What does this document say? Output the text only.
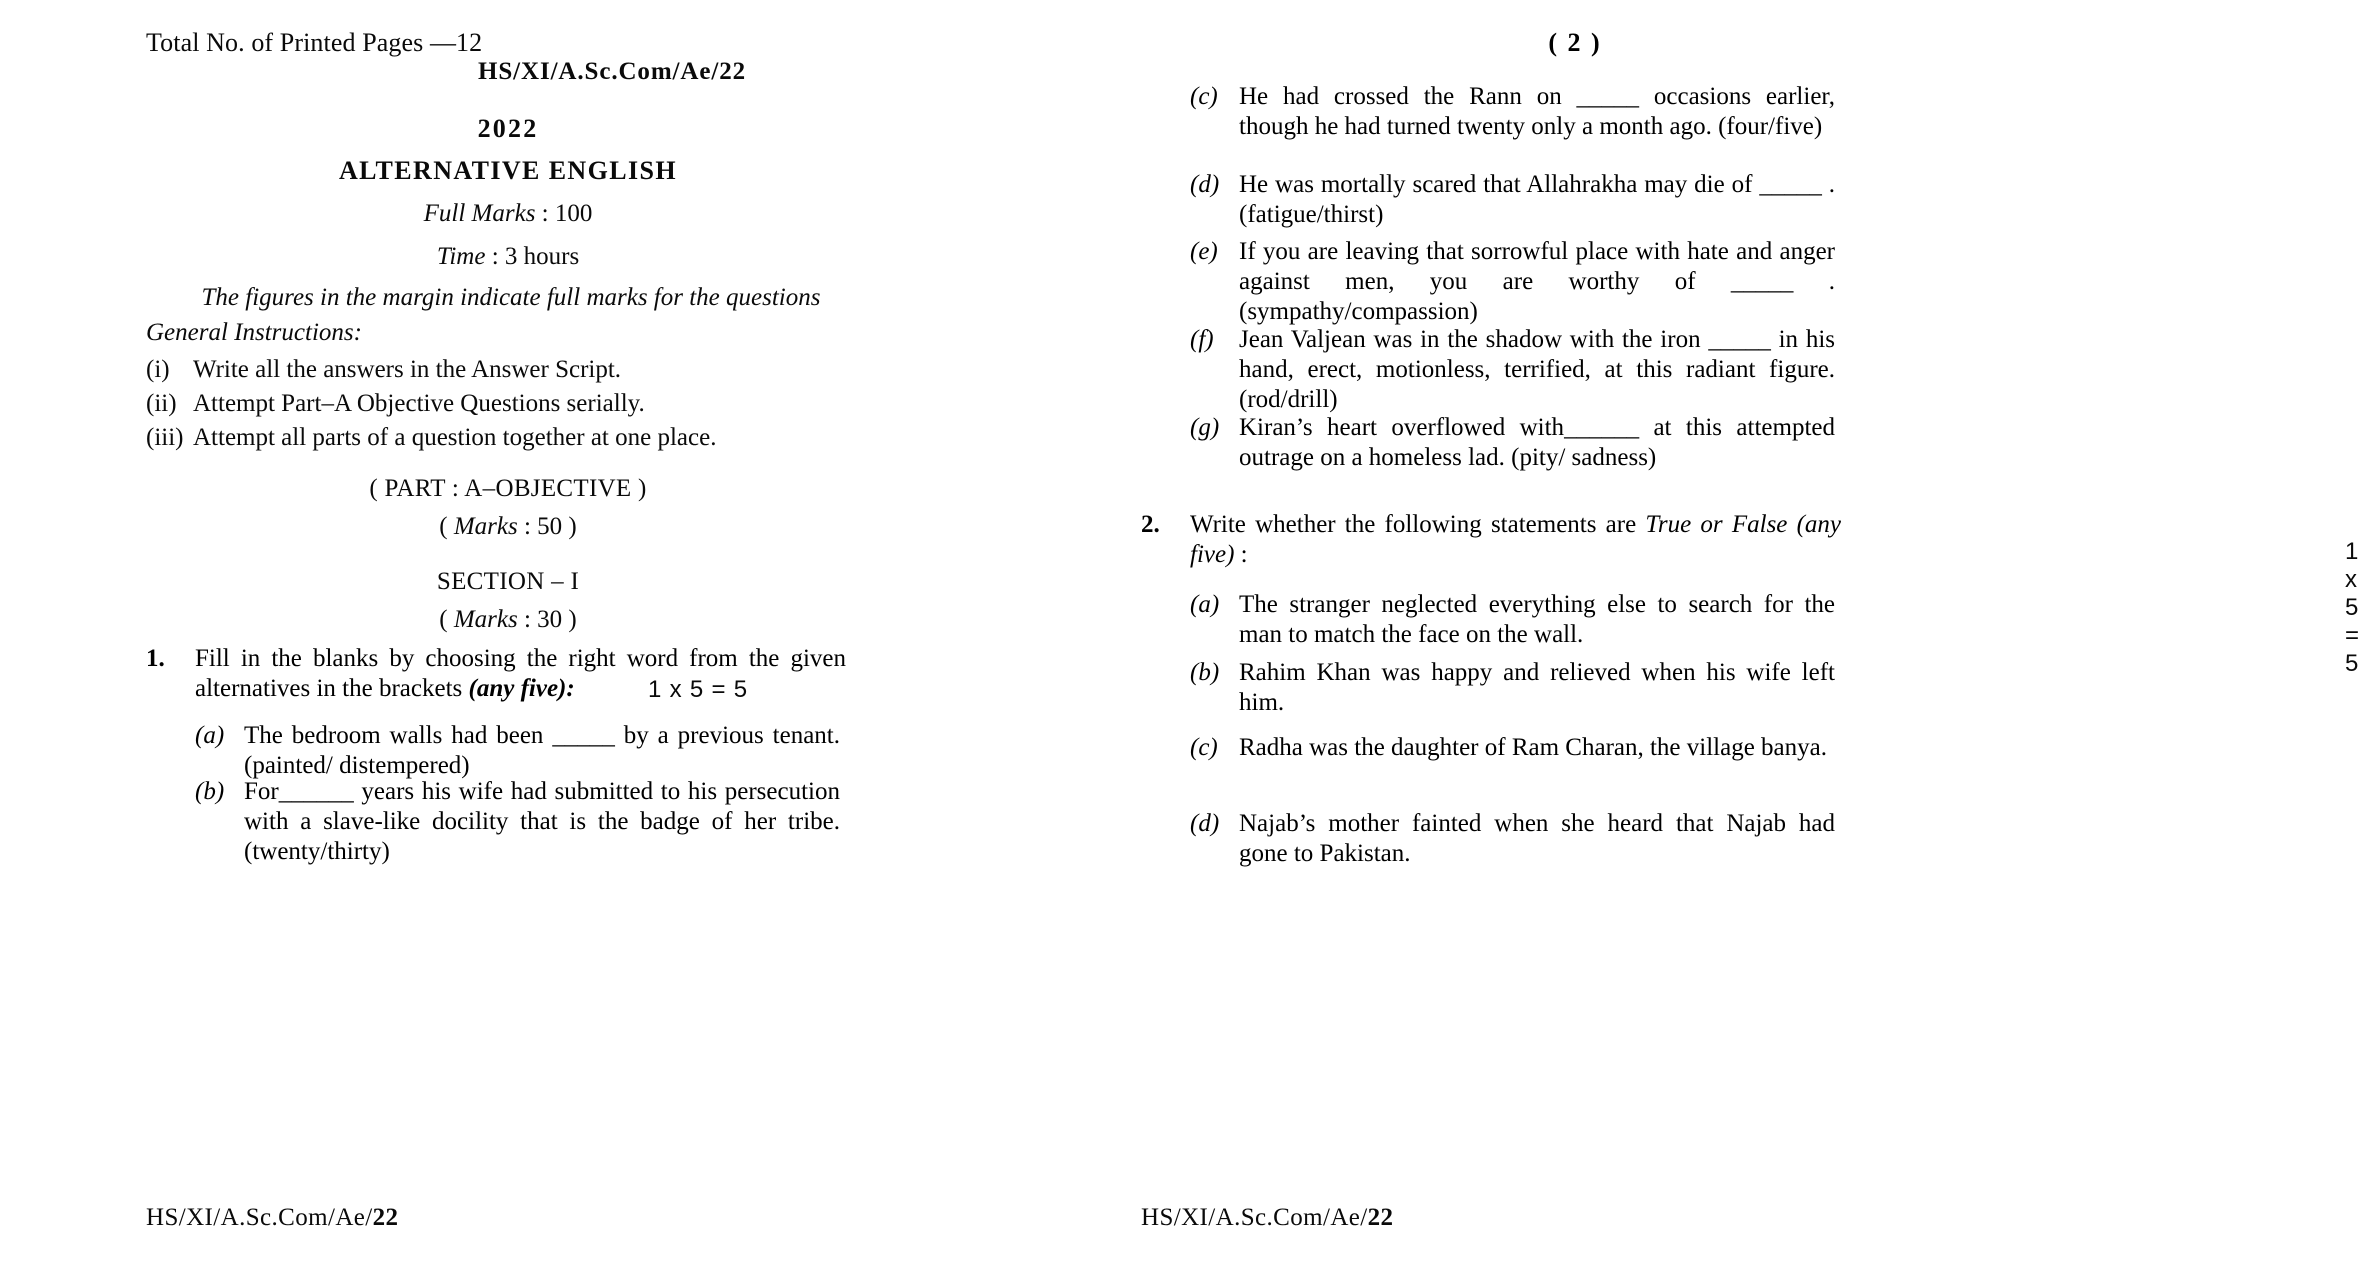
Total No. of Printed Pages —12
HS/XI/A.Sc.Com/Ae/22
2022
ALTERNATIVE ENGLISH
Full Marks : 100
Time : 3 hours
The figures in the margin indicate full marks for the questions
General Instructions:
(i) Write all the answers in the Answer Script.
(ii) Attempt Part–A Objective Questions serially.
(iii) Attempt all parts of a question together at one place.
( PART : A–OBJECTIVE )
( Marks : 50 )
SECTION – I
( Marks : 30 )
1.	Fill in the blanks by choosing the right word from the given alternatives in the brackets (any five):	1 x 5 = 5
(a) The bedroom walls had been _____ by a previous tenant. (painted/ distempered)
(b) For______ years his wife had submitted to his persecution with a slave-like docility that is the badge of her tribe. (twenty/thirty)
HS/XI/A.Sc.Com/Ae/22
( 2 )
(c) He had crossed the Rann on _____ occasions earlier, though he had turned twenty only a month ago. (four/five)
(d) He was mortally scared that Allahrakha may die of _____ . (fatigue/thirst)
(e) If you are leaving that sorrowful place with hate and anger against men, you are worthy of _____ . (sympathy/compassion)
(f)	Jean Valjean was in the shadow with the iron _____ in his hand, erect, motionless, terrified, at this radiant figure. (rod/drill)
(g) Kiran’s heart overflowed with______ at this attempted outrage on a homeless lad. (pity/ sadness)
2.	Write whether the following statements are True or False (any five) :	1 x 5 = 5
(a) The stranger neglected everything else to search for the man to match the face on the wall.
(b) Rahim Khan was happy and relieved when his wife left him.
(c) Radha was the daughter of Ram Charan, the village banya.
(d) Najab’s mother fainted when she heard that Najab had gone to Pakistan.
HS/XI/A.Sc.Com/Ae/22
